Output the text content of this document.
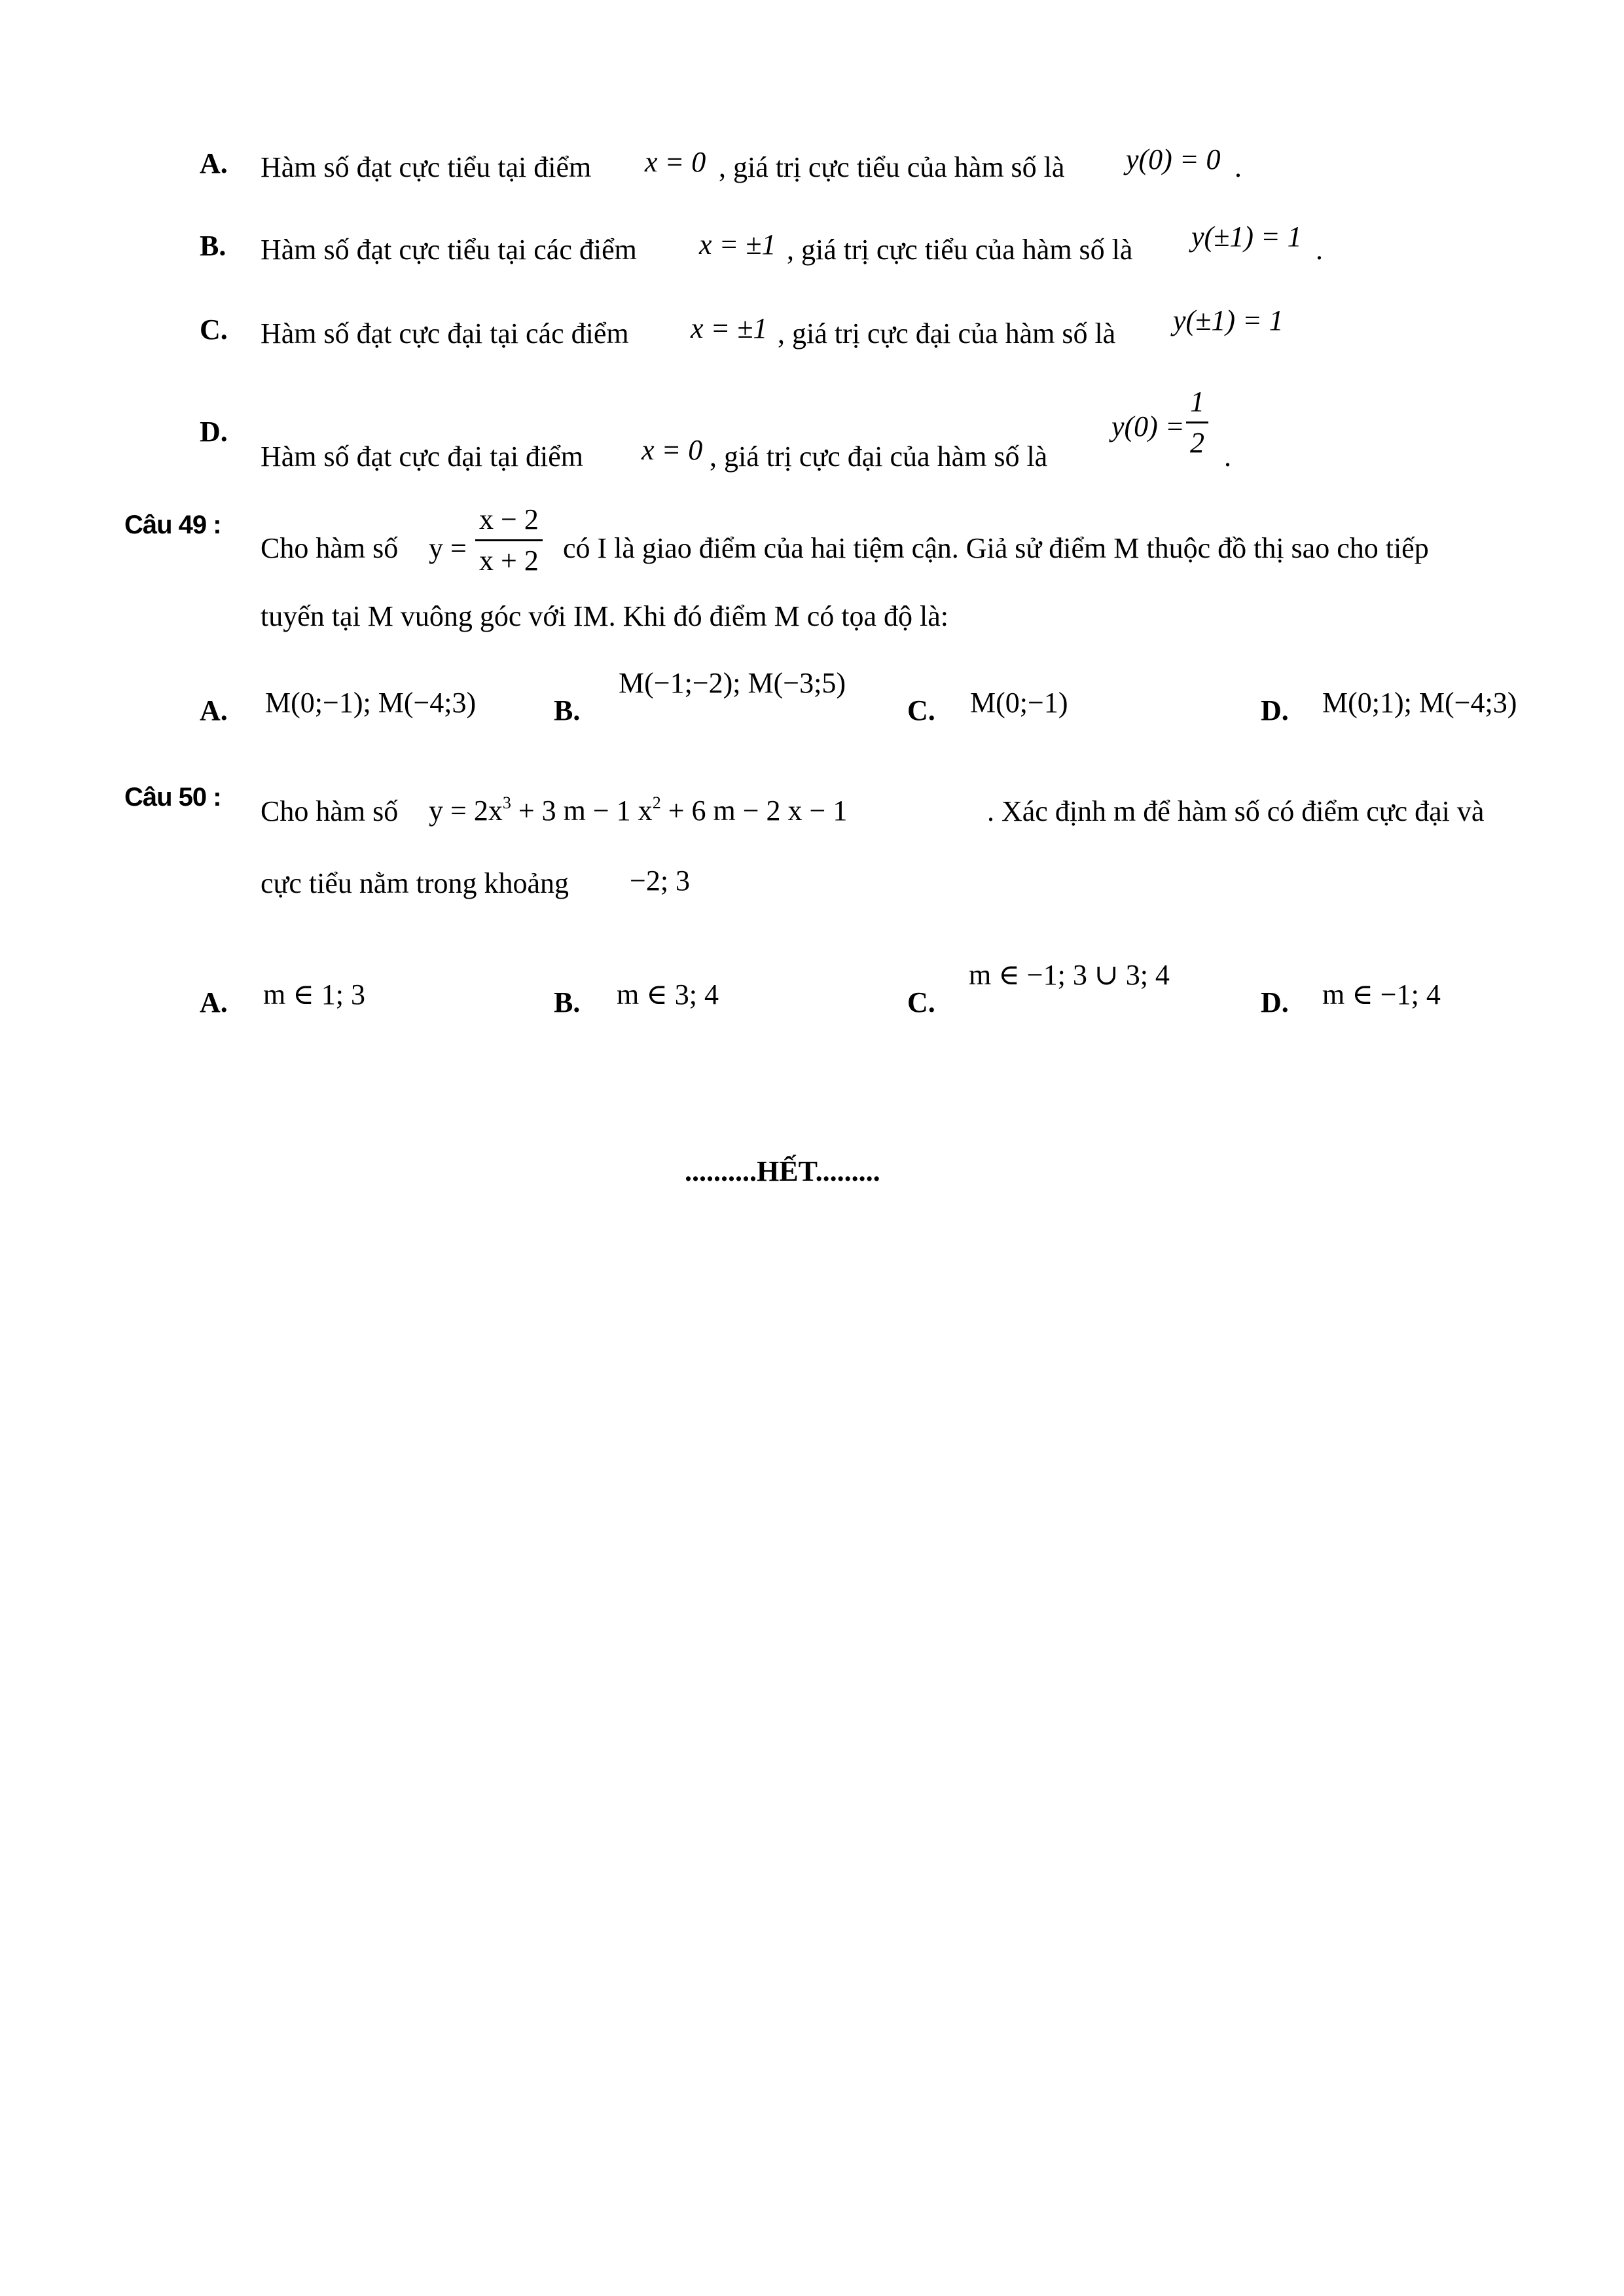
A. Hàm số đạt cực tiểu tại điểm x = 0 , giá trị cực tiểu của hàm số là y(0) = 0 .
B. Hàm số đạt cực tiểu tại các điểm x = ±1 , giá trị cực tiểu của hàm số là y(±1) = 1 .
C. Hàm số đạt cực đại tại các điểm x = ±1 , giá trị cực đại của hàm số là y(±1) = 1
D.
Hàm số đạt cực đại tại điểm x = 0 , giá trị cực đại của hàm số là
y(0) =
1
2 .
Câu 49 :
Cho hàm số y =
x − 2
x + 2 có I là giao điểm của hai tiệm cận. Giả sử điểm M thuộc đồ thị sao cho tiếp
tuyến tại M vuông góc với IM. Khi đó điểm M có tọa độ là:
A. M(0;−1); M(−4;3)	B.
M(−1;−2); M(−3;5)
C. M(0;−1)	D. M(0;1); M(−4;3)
Câu 50 : Cho hàm số $y = 2x^3 + 3$ m − 1 $x^2 + 6$ m − 2 x − 1	. Xác định m để hàm số có điểm cực đại và
cực tiểu nằm trong khoảng −2; 3
A. m ∈ 1; 3	B. m ∈ 3; 4	C.
m ∈ −1; 3 ∪ 3; 4
D. m ∈ −1; 4
..........HẾT.........
